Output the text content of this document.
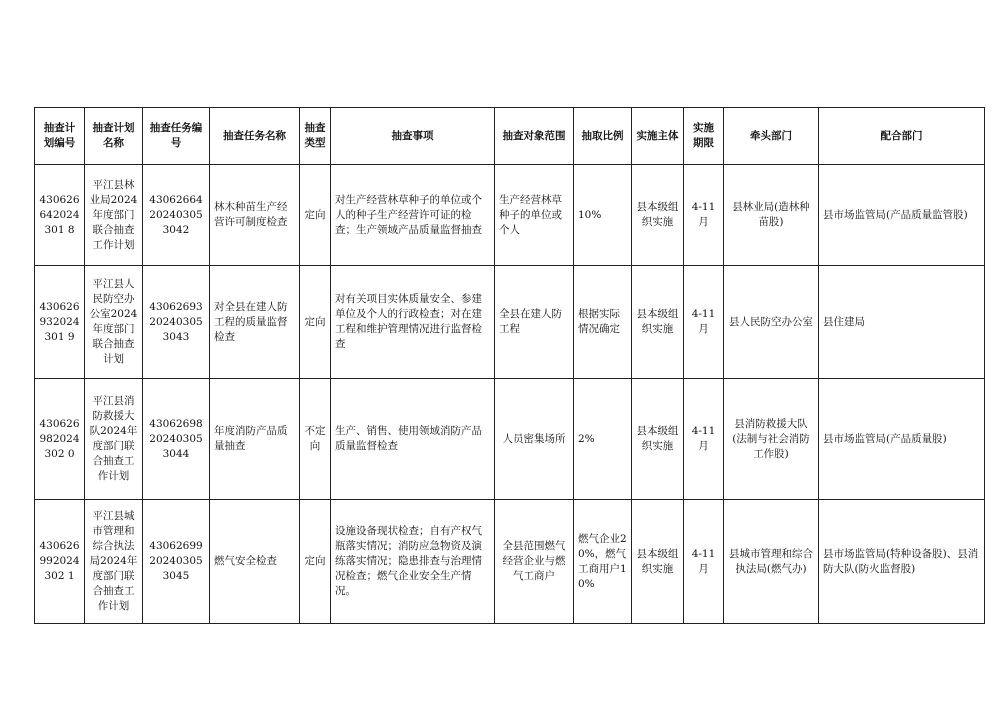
抽查计划编号	抽查计划名称	抽查任务编号	抽查任务名称	抽查类型	抽查事项	抽查对象范围	抽取比例	实施主体	实施期限	牵头部门	配合部门
430626642024301 8	平江县林业局2024年度部门联合抽查工作计划	43062664202403053042	林木种苗生产经营许可制度检查	定向	对生产经营林草种子的单位或个人的种子生产经营许可证的检查；生产领域产品质量监督抽查	生产经营林草种子的单位或个人	10%	县本级组织实施	4-11月	县林业局(造林种苗股)	县市场监管局(产品质量监管股)
430626932024301 9	平江县人民防空办公室2024年度部门联合抽查计划	43062693202403053043	对全县在建人防工程的质量监督检查	定向	对有关项目实体质量安全、参建单位及个人的行政检查；对在建工程和维护管理情况进行监督检查	全县在建人防工程	根据实际情况确定	县本级组织实施	4-11月	县人民防空办公室	县住建局
430626982024302 0	平江县消防救援大队2024年度部门联合抽查工作计划	43062698202403053044	年度消防产品质量抽查	不定向	生产、销售、使用领域消防产品质量监督检查	人员密集场所	2%	县本级组织实施	4-11月	县消防救援大队(法制与社会消防工作股)	县市场监管局(产品质量股)
430626992024302 1	平江县城市管理和综合执法局2024年度部门联合抽查工作计划	43062699202403053045	燃气安全检查	定向	设施设备现状检查；自有产权气瓶落实情况；消防应急物资及演练落实情况；隐患排查与治理情况检查；燃气企业安全生产情况。	全县范围燃气经营企业与燃气工商户	燃气企业20%，燃气工商用户10%	县本级组织实施	4-11月	县城市管理和综合执法局(燃气办)	县市场监管局(特种设备股)、县消防大队(防火监督股)
